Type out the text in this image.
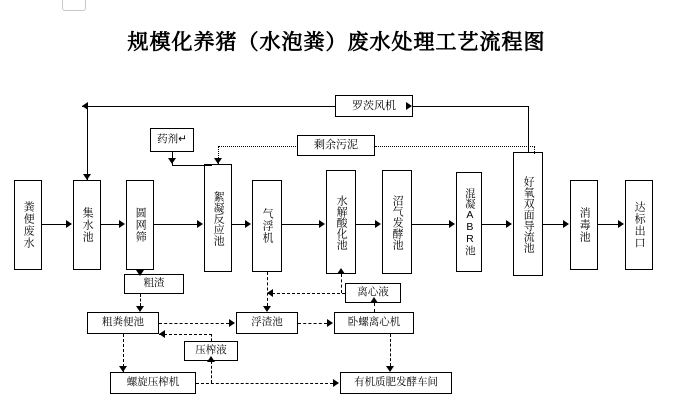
规模化养猪（水泡粪）废水处理工艺流程图
粪便废水	集水池	圆网筛
药剂↵
絮凝反应池	气浮机	水解酸化池	沼气发酵池	混凝ABR池	好氧双面导流池	消毒池	达标出口
罗茨风机
剩余污泥
粗渣
粗粪便池	浮渣池	卧螺离心机
离心液
压榨液
螺旋压榨机	有机质肥发酵车间
